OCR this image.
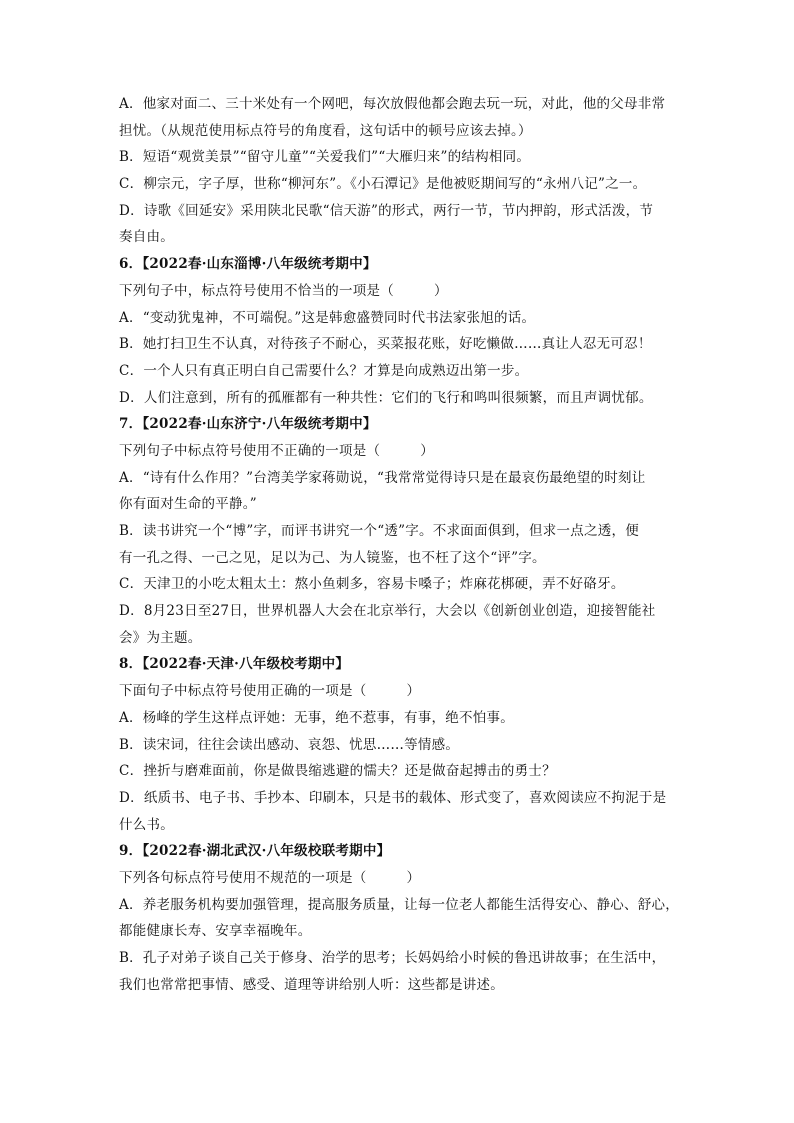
A．他家对面二、三十米处有一个网吧，每次放假他都会跑去玩一玩，对此，他的父母非常
担忧。（从规范使用标点符号的角度看，这句话中的顿号应该去掉。）
B．短语“观赏美景”“留守儿童”“关爱我们”“大雁归来”的结构相同。
C．柳宗元，字子厚，世称“柳河东”。《小石潭记》是他被贬期间写的“永州八记”之一。
D．诗歌《回延安》采用陕北民歌“信天游”的形式，两行一节，节内押韵，形式活泼，节
奏自由。
6．【2022春·山东淄博·八年级统考期中】
下列句子中，标点符号使用不恰当的一项是（	）
A．“变动犹鬼神，不可端倪。”这是韩愈盛赞同时代书法家张旭的话。
B．她打扫卫生不认真，对待孩子不耐心，买菜报花账，好吃懒做……真让人忍无可忍！
C．一个人只有真正明白自己需要什么？才算是向成熟迈出第一步。
D．人们注意到，所有的孤雁都有一种共性：它们的飞行和鸣叫很频繁，而且声调忧郁。
7．【2022春·山东济宁·八年级统考期中】
下列句子中标点符号使用不正确的一项是（	）
A．“诗有什么作用？”台湾美学家蒋勋说，“我常常觉得诗只是在最哀伤最绝望的时刻让
你有面对生命的平静。”
B．读书讲究一个“博”字，而评书讲究一个“透”字。不求面面俱到，但求一点之透，便
有一孔之得、一己之见，足以为己、为人镜鉴，也不枉了这个“评”字。
C．天津卫的小吃太粗太土：熬小鱼刺多，容易卡嗓子；炸麻花梆硬，弄不好硌牙。
D．8月23日至27日，世界机器人大会在北京举行，大会以《创新创业创造，迎接智能社
会》为主题。
8．【2022春·天津·八年级校考期中】
下面句子中标点符号使用正确的一项是（	）
A．杨峰的学生这样点评她：无事，绝不惹事，有事，绝不怕事。
B．读宋词，往往会读出感动、哀怨、忧思……等情感。
C．挫折与磨难面前，你是做畏缩逃避的懦夫？还是做奋起搏击的勇士？
D．纸质书、电子书、手抄本、印刷本，只是书的载体、形式变了，喜欢阅读应不拘泥于是
什么书。
9．【2022春·湖北武汉·八年级校联考期中】
下列各句标点符号使用不规范的一项是（	）
A．养老服务机构要加强管理，提高服务质量，让每一位老人都能生活得安心、静心、舒心，
都能健康长寿、安享幸福晚年。
B．孔子对弟子谈自己关于修身、治学的思考；长妈妈给小时候的鲁迅讲故事；在生活中，
我们也常常把事情、感受、道理等讲给别人听：这些都是讲述。
